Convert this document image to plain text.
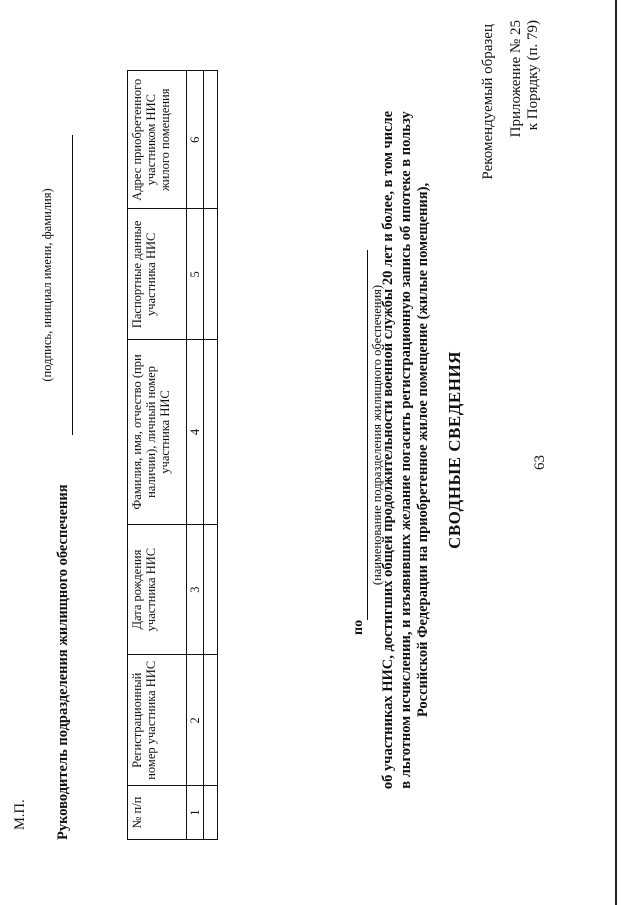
63
Приложение № 25 к Порядку (п. 79)
Рекомендуемый образец
СВОДНЫЕ СВЕДЕНИЯ
об участниках НИС, достигших общей продолжительности военной службы 20 лет и более, в том числе в льготном исчислении, и изъявивших желание погасить регистрационную запись об ипотеке в пользу Российской Федерации на приобретенное жилое помещение (жилые помещения),
по
(наименование подразделения жилищного обеспечения)
№ п/п	Регистрационный номер участника НИС	Дата рождения участника НИС	Фамилия, имя, отчество (при наличии), личный номер участника НИС	Паспортные данные участника НИС	Адрес приобретенного участником НИС жилого помещения
1	2	3	4	5	6

Руководитель подразделения жилищного обеспечения
(подпись, инициал имени, фамилия)
М.П.
